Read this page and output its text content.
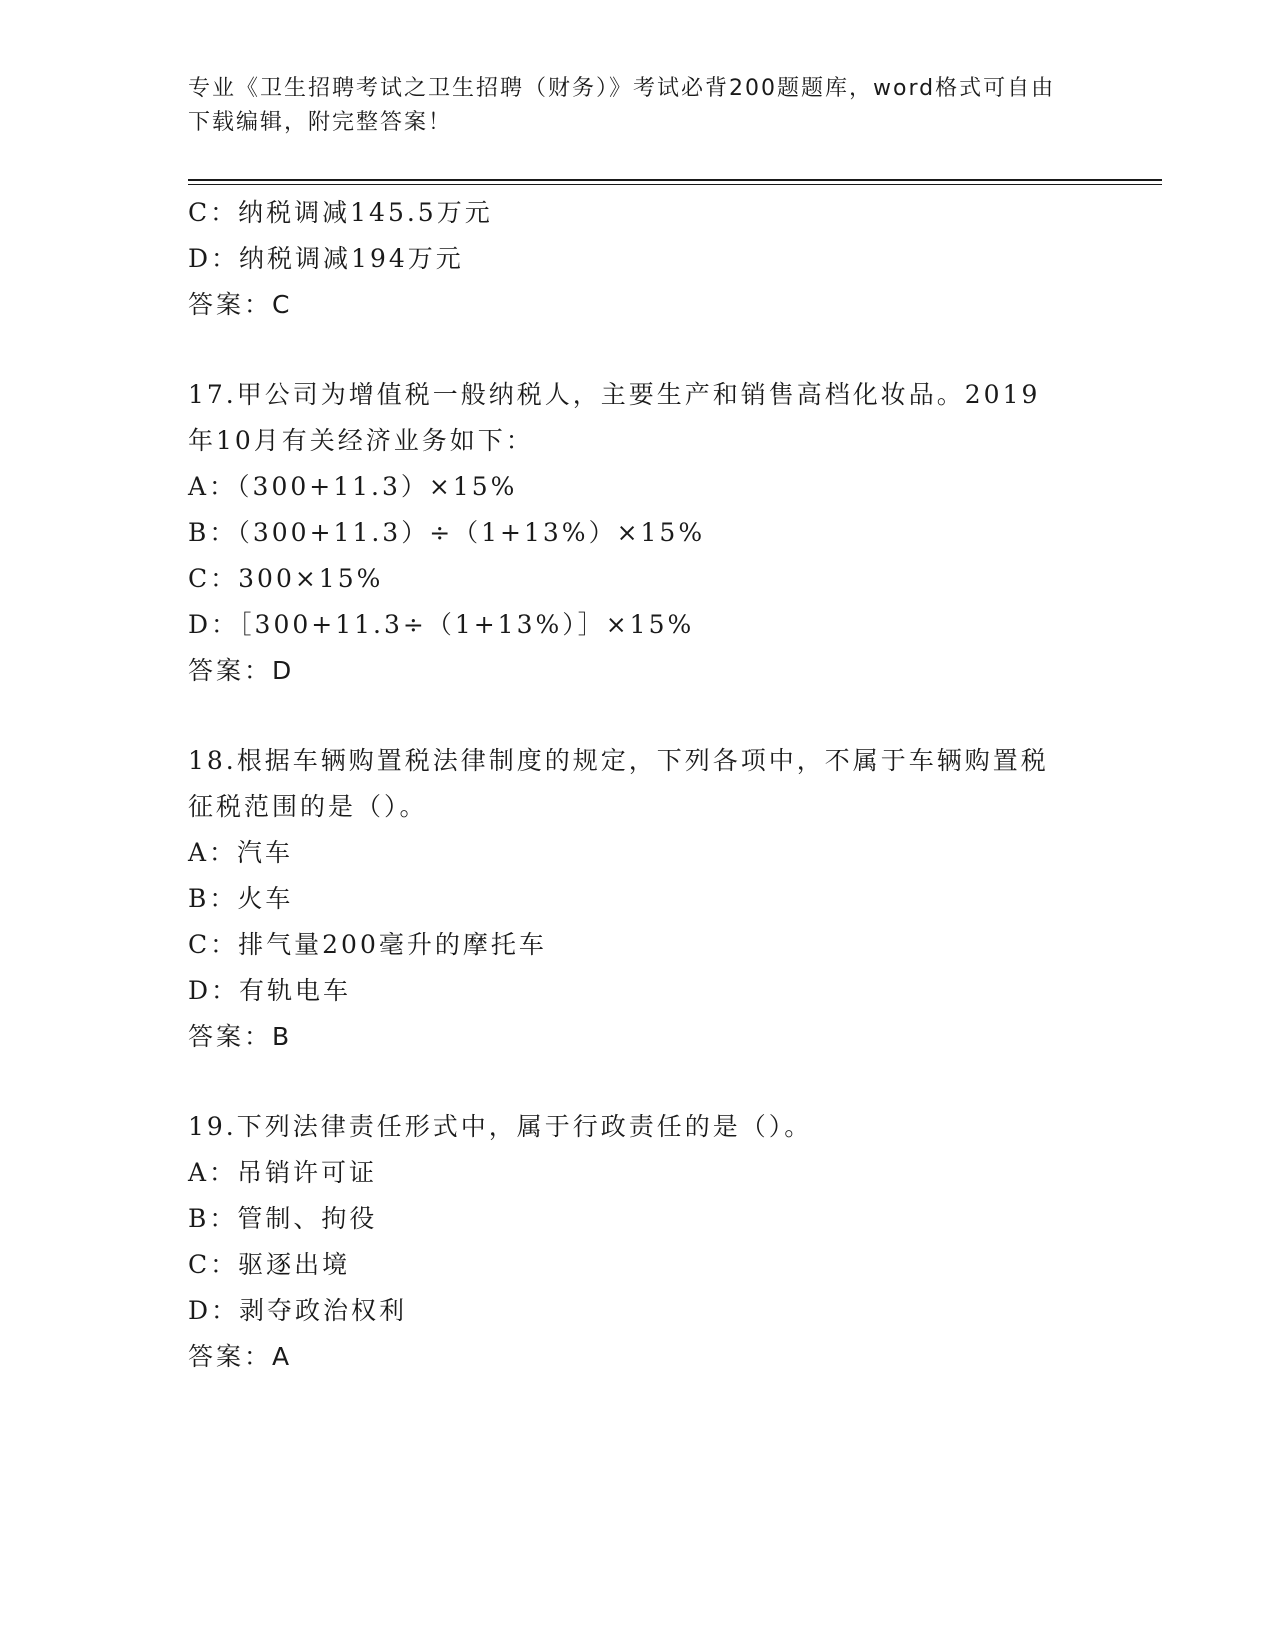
专业《卫生招聘考试之卫生招聘（财务）》考试必背200题题库，word格式可自由下载编辑，附完整答案！

C：纳税调减145.5万元

D：纳税调减194万元

答案：C

17.甲公司为增值税一般纳税人，主要生产和销售高档化妆品。2019

年10月有关经济业务如下：

A：（300+11.3）×15%

B：（300+11.3）÷（1+13%）×15%

C：300×15%

D：［300+11.3÷（1+13%）］×15%

答案：D

18.根据车辆购置税法律制度的规定，下列各项中，不属于车辆购置税

征税范围的是（）。

A：汽车

B：火车

C：排气量200毫升的摩托车

D：有轨电车

答案：B

19.下列法律责任形式中，属于行政责任的是（）。

A：吊销许可证

B：管制、拘役

C：驱逐出境

D：剥夺政治权利

答案：A
